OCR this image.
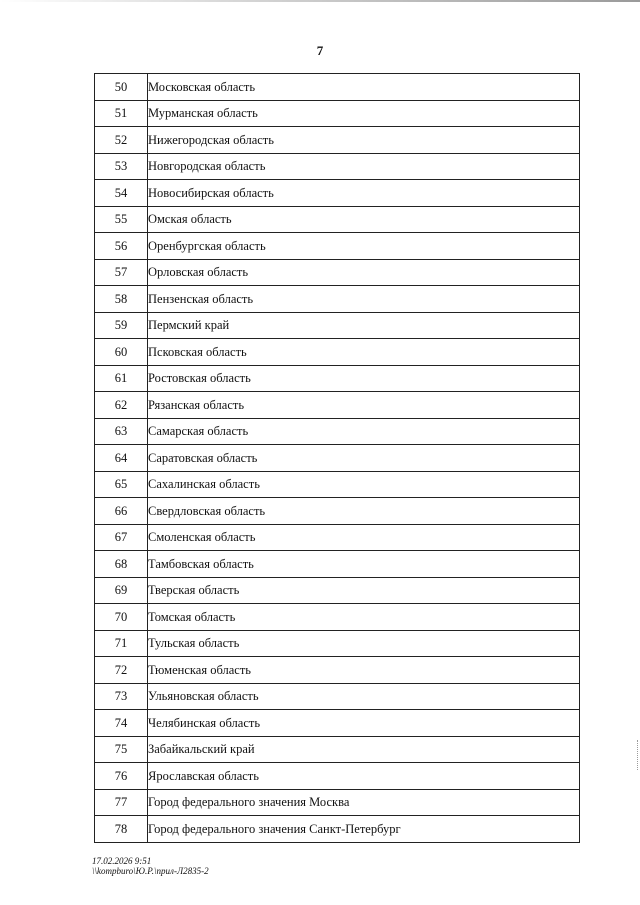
7
50	Московская область
51	Мурманская область
52	Нижегородская область
53	Новгородская область
54	Новосибирская область
55	Омская область
56	Оренбургская область
57	Орловская область
58	Пензенская область
59	Пермский край
60	Псковская область
61	Ростовская область
62	Рязанская область
63	Самарская область
64	Саратовская область
65	Сахалинская область
66	Свердловская область
67	Смоленская область
68	Тамбовская область
69	Тверская область
70	Томская область
71	Тульская область
72	Тюменская область
73	Ульяновская область
74	Челябинская область
75	Забайкальский край
76	Ярославская область
77	Город федерального значения Москва
78	Город федерального значения Санкт-Петербург
17.02.2026 9:51
\\kompburo\Ю.Р.\прил-Л2835-2
